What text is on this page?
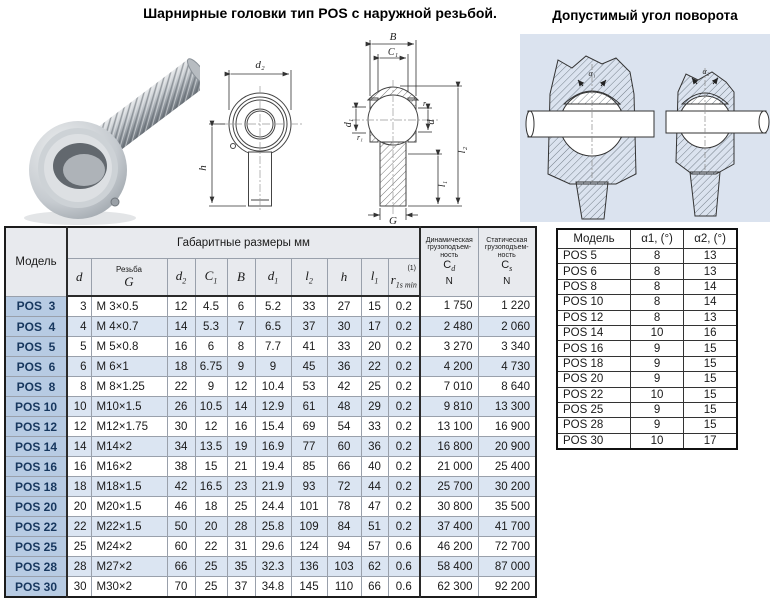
Шарнирные головки тип POS с наружной резьбой.	Допустимый угол поворота
d₂
h
B
C₁
d₁
r₁
r₁
d
l₂
l₁
G
α₁	α₂
Модель	Габаритные размеры мм	Динамическая
грузоподъем-
ность
$C_d$
N

Статическая
грузоподъем-
ность
$C_s$
N

	d	Резьба
G	$d_2$	$C_1$	B	$d_1$	$l_2$	h	$l_1$	(1)
$r_{1s min}$
POS  3	3	M 3×0.5	12	4.5	6	5.2	33	27	15	0.2	1 750	1 220
POS  4	4	M 4×0.7	14	5.3	7	6.5	37	30	17	0.2	2 480	2 060
POS  5	5	M 5×0.8	16	6	8	7.7	41	33	20	0.2	3 270	3 340
POS  6	6	M 6×1	18	6.75	9	9	45	36	22	0.2	4 200	4 730
POS  8	8	M 8×1.25	22	9	12	10.4	53	42	25	0.2	7 010	8 640
POS 10	10	M10×1.5	26	10.5	14	12.9	61	48	29	0.2	9 810	13 300
POS 12	12	M12×1.75	30	12	16	15.4	69	54	33	0.2	13 100	16 900
POS 14	14	M14×2	34	13.5	19	16.9	77	60	36	0.2	16 800	20 900
POS 16	16	M16×2	38	15	21	19.4	85	66	40	0.2	21 000	25 400
POS 18	18	M18×1.5	42	16.5	23	21.9	93	72	44	0.2	25 700	30 200
POS 20	20	M20×1.5	46	18	25	24.4	101	78	47	0.2	30 800	35 500
POS 22	22	M22×1.5	50	20	28	25.8	109	84	51	0.2	37 400	41 700
POS 25	25	M24×2	60	22	31	29.6	124	94	57	0.6	46 200	72 700
POS 28	28	M27×2	66	25	35	32.3	136	103	62	0.6	58 400	87 000
POS 30	30	M30×2	70	25	37	34.8	145	110	66	0.6	62 300	92 200
Модель	α1, (°)	α2, (°)
POS 5	8	13
POS 6	8	13
POS 8	8	14
POS 10	8	14
POS 12	8	13
POS 14	10	16
POS 16	9	15
POS 18	9	15
POS 20	9	15
POS 22	10	15
POS 25	9	15
POS 28	9	15
POS 30	10	17
